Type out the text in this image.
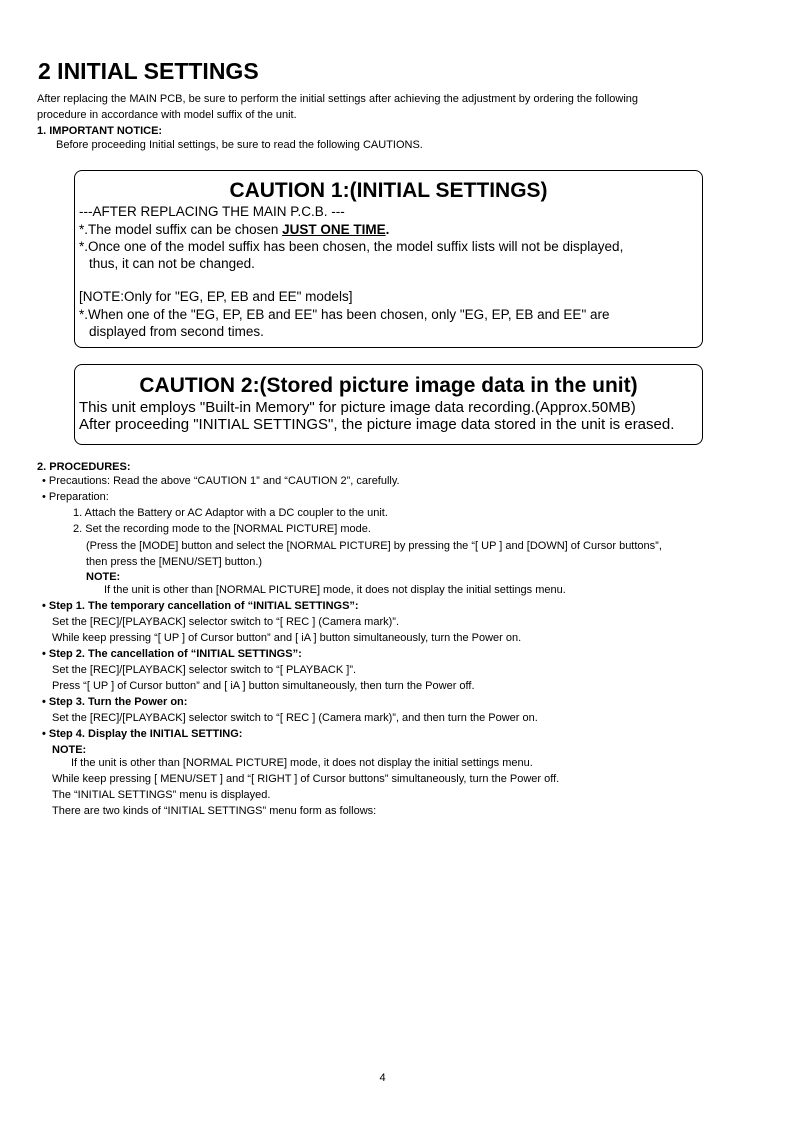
2 INITIAL SETTINGS
After replacing the MAIN PCB, be sure to perform the initial settings after achieving the adjustment by ordering the following
procedure in accordance with model suffix of the unit.
1. IMPORTANT NOTICE:
Before proceeding Initial settings, be sure to read the following CAUTIONS.
CAUTION 1:(INITIAL SETTINGS)
---AFTER REPLACING THE MAIN P.C.B. ---
*.The model suffix can be chosen JUST ONE TIME.
*.Once one of the model suffix has been chosen, the model suffix lists will not be displayed,
thus, it can not be changed.
[NOTE:Only for "EG, EP, EB and EE" models]
*.When one of the "EG, EP, EB and EE" has been chosen, only "EG, EP, EB and EE" are
displayed from second times.
CAUTION 2:(Stored picture image data in the unit)
This unit employs "Built-in Memory" for picture image data recording.(Approx.50MB)
After proceeding "INITIAL SETTINGS", the picture image data stored in the unit is erased.
2. PROCEDURES:
• Precautions: Read the above “CAUTION 1” and “CAUTION 2”, carefully.
• Preparation:
1. Attach the Battery or AC Adaptor with a DC coupler to the unit.
2. Set the recording mode to the [NORMAL PICTURE] mode.
(Press the [MODE] button and select the [NORMAL PICTURE] by pressing the “[ UP ] and [DOWN] of Cursor buttons”,
then press the [MENU/SET] button.)
NOTE:
If the unit is other than [NORMAL PICTURE] mode, it does not display the initial settings menu.
• Step 1. The temporary cancellation of “INITIAL SETTINGS”:
Set the [REC]/[PLAYBACK] selector switch to “[ REC ] (Camera mark)”.
While keep pressing “[ UP ] of Cursor button” and [ iA ] button simultaneously, turn the Power on.
• Step 2. The cancellation of “INITIAL SETTINGS”:
Set the [REC]/[PLAYBACK] selector switch to “[ PLAYBACK ]”.
Press “[ UP ] of Cursor button” and [ iA ] button simultaneously, then turn the Power off.
• Step 3. Turn the Power on:
Set the [REC]/[PLAYBACK] selector switch to “[ REC ] (Camera mark)”, and then turn the Power on.
• Step 4. Display the INITIAL SETTING:
NOTE:
If the unit is other than [NORMAL PICTURE] mode, it does not display the initial settings menu.
While keep pressing [ MENU/SET ] and “[ RIGHT ] of Cursor buttons” simultaneously, turn the Power off.
The “INITIAL SETTINGS” menu is displayed.
There are two kinds of “INITIAL SETTINGS” menu form as follows:
4
